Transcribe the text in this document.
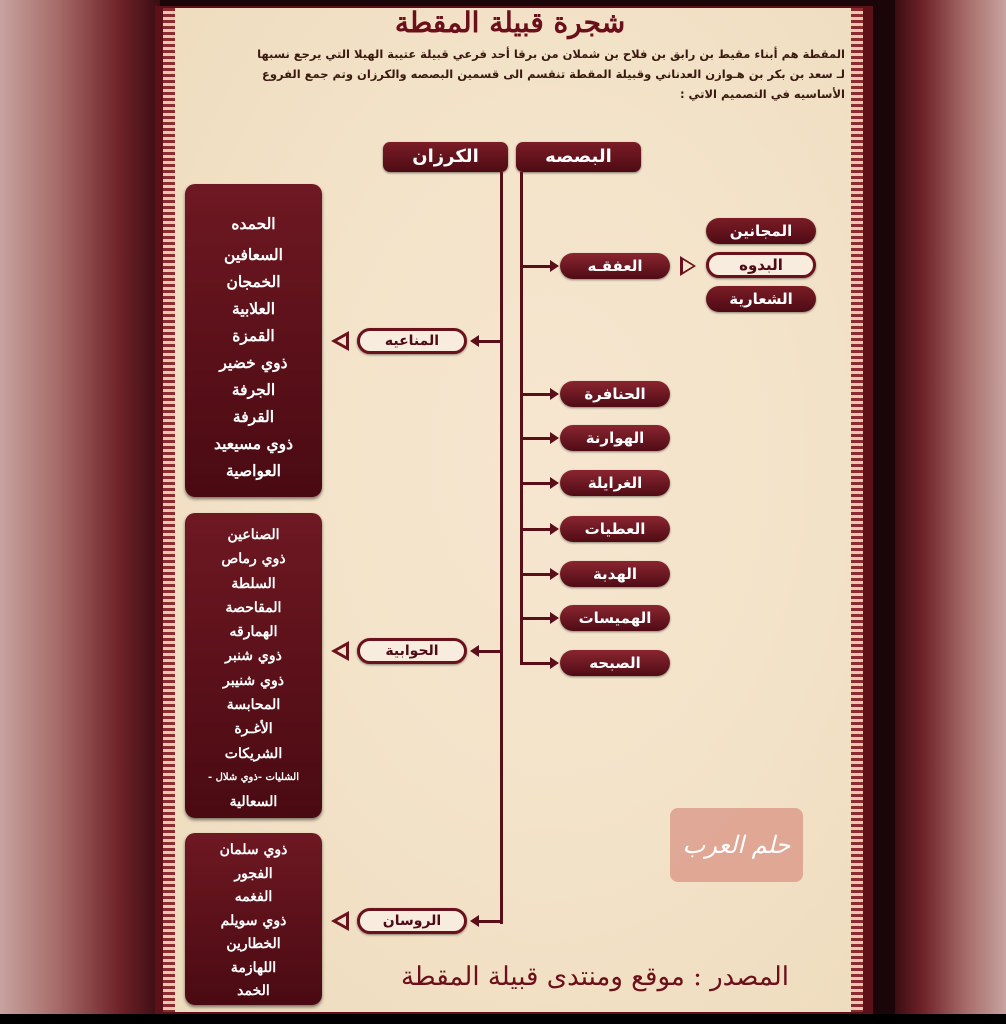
شجرة قبيلة المقطة
المقطة هم أبناء مقيط بن رابق بن فلاح بن شملان من برقا أحد فرعي قبيلة عتيبة الهيلا التي يرجع نسبها
لـ سعد بن بكر بن هـوازن العدناني وقبيلة المقطة تنقسم الى قسمين البصصه والكرزان وتم جمع الفروع
الأساسيه في التصميم الاتي :
البصصه
الكرزان
العفقـه
الحنافرة
الهوارنة
الغرايلة
العطيات
الهدبة
الهميسات
الصبحه
المجانين
البدوه
الشعارية
المناعيه
الحوابية
الروسان
الحمده
السعافين
الخمجان
العلابية
القمزة
ذوي خضير
الجرفة
القرفة
ذوي مسيعيد
العواصية
الصناعين
ذوي رماص
السلطة
المقاحصة
الهمارقه
ذوي شنبر
ذوي شنيبر
المحابسة
الأغـرة
الشريكات
الشليات -ذوي شلال -
السعالية
ذوي سلمان
الفجور
الفغمه
ذوي سويلم
الخطارين
اللهازمة
الخمد
حلم العرب
المصدر : موقع ومنتدى قبيلة المقطة
